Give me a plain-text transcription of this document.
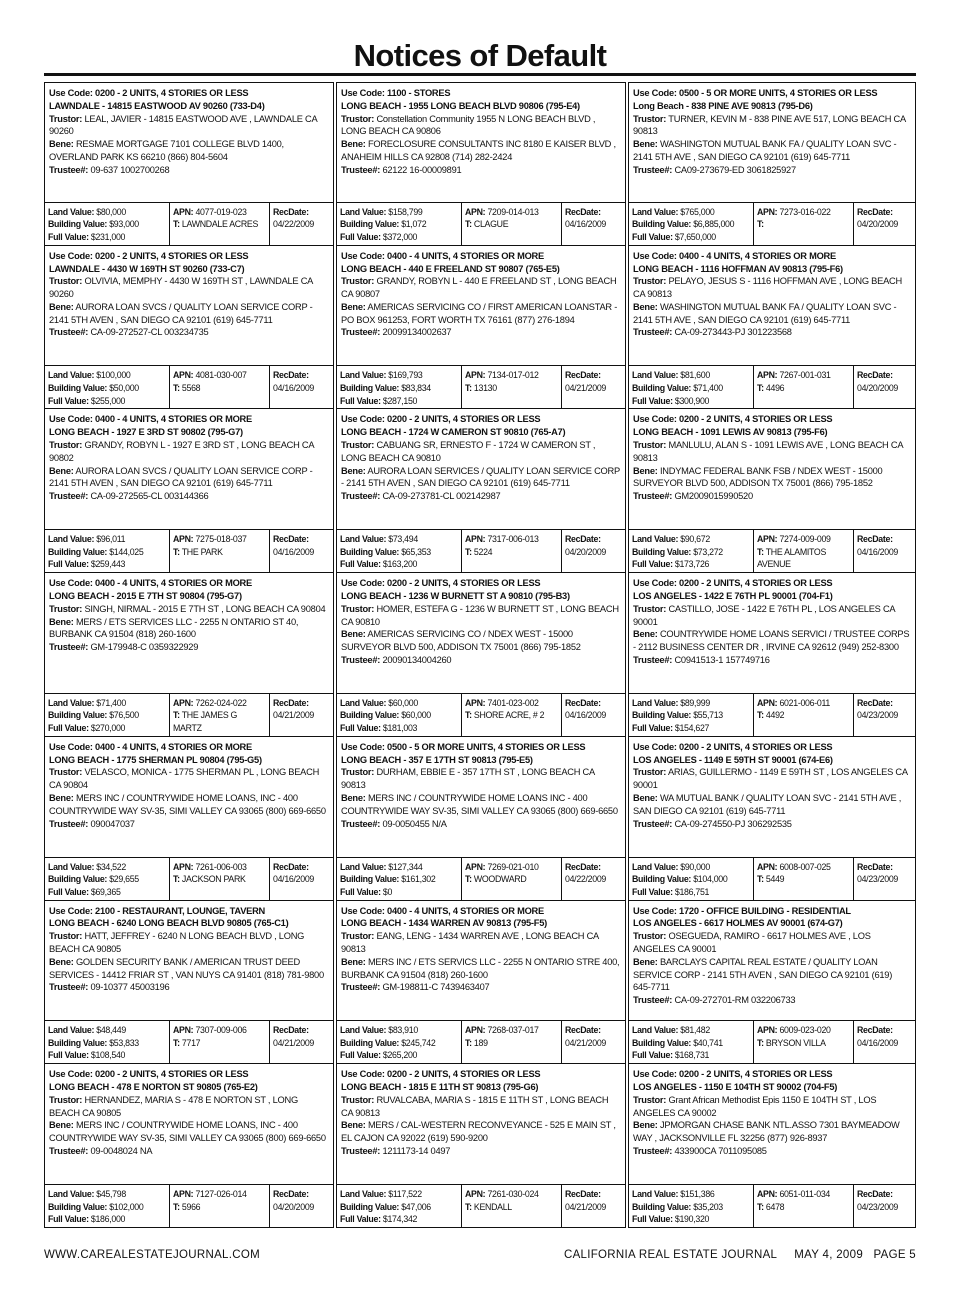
Notices of Default
Use Code: 0200 - 2 UNITS, 4 STORIES OR LESS
LAWNDALE - 14815 EASTWOOD AV 90260 (733-D4)
Trustor: LEAL, JAVIER - 14815 EASTWOOD AVE , LAWNDALE CA 90260
Bene: RESMAE MORTGAGE 7101 COLLEGE BLVD 1400, OVERLAND PARK KS 66210 (866) 804-5604
Trustee#: 09-637 1002700268
Land Value: $80,000
Building Value: $93,000
Full Value: $231,000
APN: 4077-019-023
T: LAWNDALE ACRES
RecDate:
04/22/2009
Use Code: 0200 - 2 UNITS, 4 STORIES OR LESS
LAWNDALE - 4430 W 169TH ST 90260 (733-C7)
Trustor: OLVIVIA, MEMPHY - 4430 W 169TH ST , LAWNDALE CA 90260
Bene: AURORA LOAN SVCS / QUALITY LOAN SERVICE CORP - 2141 5TH AVEN , SAN DIEGO CA 92101 (619) 645-7711
Trustee#: CA-09-272527-CL 003234735
Land Value: $100,000
Building Value: $50,000
Full Value: $255,000
APN: 4081-030-007
T: 5568
RecDate:
04/16/2009
Use Code: 0400 - 4 UNITS, 4 STORIES OR MORE
LONG BEACH - 1927 E 3RD ST 90802 (795-G7)
Trustor: GRANDY, ROBYN L - 1927 E 3RD ST , LONG BEACH CA 90802
Bene: AURORA LOAN SVCS / QUALITY LOAN SERVICE CORP - 2141 5TH AVEN , SAN DIEGO CA 92101 (619) 645-7711
Trustee#: CA-09-272565-CL 003144366
Land Value: $96,011
Building Value: $144,025
Full Value: $259,443
APN: 7275-018-037
T: THE PARK
RecDate:
04/16/2009
Use Code: 0400 - 4 UNITS, 4 STORIES OR MORE
LONG BEACH - 2015 E 7TH ST 90804 (795-G7)
Trustor: SINGH, NIRMAL - 2015 E 7TH ST , LONG BEACH CA 90804
Bene: MERS / ETS SERVICES LLC - 2255 N ONTARIO ST 40, BURBANK CA 91504 (818) 260-1600
Trustee#: GM-179948-C 0359322929
Land Value: $71,400
Building Value: $76,500
Full Value: $270,000
APN: 7262-024-022
T: THE JAMES G MARTZ
RecDate:
04/21/2009
Use Code: 0400 - 4 UNITS, 4 STORIES OR MORE
LONG BEACH - 1775 SHERMAN PL 90804 (795-G5)
Trustor: VELASCO, MONICA - 1775 SHERMAN PL , LONG BEACH CA 90804
Bene: MERS INC / COUNTRYWIDE HOME LOANS, INC - 400 COUNTRYWIDE WAY SV-35, SIMI VALLEY CA 93065 (800) 669-6650
Trustee#: 090047037
Land Value: $34,522
Building Value: $29,655
Full Value: $69,365
APN: 7261-006-003
T: JACKSON PARK
RecDate:
04/16/2009
Use Code: 2100 - RESTAURANT, LOUNGE, TAVERN
LONG BEACH - 6240 LONG BEACH BLVD 90805 (765-C1)
Trustor: HATT, JEFFREY - 6240 N LONG BEACH BLVD , LONG BEACH CA 90805
Bene: GOLDEN SECURITY BANK / AMERICAN TRUST DEED SERVICES - 14412 FRIAR ST , VAN NUYS CA 91401 (818) 781-9800
Trustee#: 09-10377 45003196
Land Value: $48,449
Building Value: $53,833
Full Value: $108,540
APN: 7307-009-006
T: 7717
RecDate:
04/21/2009
Use Code: 0200 - 2 UNITS, 4 STORIES OR LESS
LONG BEACH - 478 E NORTON ST 90805 (765-E2)
Trustor: HERNANDEZ, MARIA S - 478 E NORTON ST , LONG BEACH CA 90805
Bene: MERS INC / COUNTRYWIDE HOME LOANS, INC - 400 COUNTRYWIDE WAY SV-35, SIMI VALLEY CA 93065 (800) 669-6650
Trustee#: 09-0048024 NA
Land Value: $45,798
Building Value: $102,000
Full Value: $186,000
APN: 7127-026-014
T: 5966
RecDate:
04/20/2009
Use Code: 1100 - STORES
LONG BEACH - 1955 LONG BEACH BLVD 90806 (795-E4)
Trustor: Constellation Community 1955 N LONG BEACH BLVD , LONG BEACH CA 90806
Bene: FORECLOSURE CONSULTANTS INC 8180 E KAISER BLVD , ANAHEIM HILLS CA 92808 (714) 282-2424
Trustee#: 62122 16-00009891
Land Value: $158,799
Building Value: $1,072
Full Value: $372,000
APN: 7209-014-013
T: CLAGUE
RecDate:
04/16/2009
Use Code: 0400 - 4 UNITS, 4 STORIES OR MORE
LONG BEACH - 440 E FREELAND ST 90807 (765-E5)
Trustor: GRANDY, ROBYN L - 440 E FREELAND ST , LONG BEACH CA 90807
Bene: AMERICAS SERVICING CO / FIRST AMERICAN LOANSTAR - PO BOX 961253, FORT WORTH TX 76161 (877) 276-1894
Trustee#: 20099134002637
Land Value: $169,793
Building Value: $83,834
Full Value: $287,150
APN: 7134-017-012
T: 13130
RecDate:
04/21/2009
Use Code: 0200 - 2 UNITS, 4 STORIES OR LESS
LONG BEACH - 1724 W CAMERON ST 90810 (765-A7)
Trustor: CABUANG SR, ERNESTO F - 1724 W CAMERON ST , LONG BEACH CA 90810
Bene: AURORA LOAN SERVICES / QUALITY LOAN SERVICE CORP - 2141 5TH AVEN , SAN DIEGO CA 92101 (619) 645-7711
Trustee#: CA-09-273781-CL 002142987
Land Value: $73,494
Building Value: $65,353
Full Value: $163,200
APN: 7317-006-013
T: 5224
RecDate:
04/20/2009
Use Code: 0200 - 2 UNITS, 4 STORIES OR LESS
LONG BEACH - 1236 W BURNETT ST A 90810 (795-B3)
Trustor: HOMER, ESTEFA G - 1236 W BURNETT ST , LONG BEACH CA 90810
Bene: AMERICAS SERVICING CO / NDEX WEST - 15000 SURVEYOR BLVD 500, ADDISON TX 75001 (866) 795-1852
Trustee#: 20090134004260
Land Value: $60,000
Building Value: $60,000
Full Value: $181,003
APN: 7401-023-002
T: SHORE ACRE, # 2
RecDate:
04/16/2009
Use Code: 0500 - 5 OR MORE UNITS, 4 STORIES OR LESS
LONG BEACH - 357 E 17TH ST 90813 (795-E5)
Trustor: DURHAM, EBBIE E - 357 17TH ST , LONG BEACH CA 90813
Bene: MERS INC / COUNTRYWIDE HOME LOANS INC - 400 COUNTRYWIDE WAY SV-35, SIMI VALLEY CA 93065 (800) 669-6650
Trustee#: 09-0050455 N/A
Land Value: $127,344
Building Value: $161,302
Full Value: $0
APN: 7269-021-010
T: WOODWARD
RecDate:
04/22/2009
Use Code: 0400 - 4 UNITS, 4 STORIES OR MORE
LONG BEACH - 1434 WARREN AV 90813 (795-F5)
Trustor: EANG, LENG - 1434 WARREN AVE , LONG BEACH CA 90813
Bene: MERS INC / ETS SERVICS LLC - 2255 N ONTARIO STRE 400, BURBANK CA 91504 (818) 260-1600
Trustee#: GM-198811-C 7439463407
Land Value: $83,910
Building Value: $245,742
Full Value: $265,200
APN: 7268-037-017
T: 189
RecDate:
04/21/2009
Use Code: 0200 - 2 UNITS, 4 STORIES OR LESS
LONG BEACH - 1815 E 11TH ST 90813 (795-G6)
Trustor: RUVALCABA, MARIA S - 1815 E 11TH ST , LONG BEACH CA 90813
Bene: MERS / CAL-WESTERN RECONVEYANCE - 525 E MAIN ST , EL CAJON CA 92022 (619) 590-9200
Trustee#: 1211173-14 0497
Land Value: $117,522
Building Value: $47,006
Full Value: $174,342
APN: 7261-030-024
T: KENDALL
RecDate:
04/21/2009
Use Code: 0500 - 5 OR MORE UNITS, 4 STORIES OR LESS
Long Beach - 838 PINE AVE 90813 (795-D6)
Trustor: TURNER, KEVIN M - 838 PINE AVE 517, LONG BEACH CA 90813
Bene: WASHINGTON MUTUAL BANK FA / QUALITY LOAN SVC - 2141 5TH AVE , SAN DIEGO CA 92101 (619) 645-7711
Trustee#: CA09-273679-ED 3061825927
Land Value: $765,000
Building Value: $6,885,000
Full Value: $7,650,000
APN: 7273-016-022
T:
RecDate:
04/20/2009
Use Code: 0400 - 4 UNITS, 4 STORIES OR MORE
LONG BEACH - 1116 HOFFMAN AV 90813 (795-F6)
Trustor: PELAYO, JESUS S - 1116 HOFFMAN AVE , LONG BEACH CA 90813
Bene: WASHINGTON MUTUAL BANK FA / QUALITY LOAN SVC - 2141 5TH AVE , SAN DIEGO CA 92101 (619) 645-7711
Trustee#: CA-09-273443-PJ 301223568
Land Value: $81,600
Building Value: $71,400
Full Value: $300,900
APN: 7267-001-031
T: 4496
RecDate:
04/20/2009
Use Code: 0200 - 2 UNITS, 4 STORIES OR LESS
LONG BEACH - 1091 LEWIS AV 90813 (795-F6)
Trustor: MANLULU, ALAN S - 1091 LEWIS AVE , LONG BEACH CA 90813
Bene: INDYMAC FEDERAL BANK FSB / NDEX WEST - 15000 SURVEYOR BLVD 500, ADDISON TX 75001 (866) 795-1852
Trustee#: GM2009015990520
Land Value: $90,672
Building Value: $73,272
Full Value: $173,726
APN: 7274-009-009
T: THE ALAMITOS AVENUE
RecDate:
04/16/2009
Use Code: 0200 - 2 UNITS, 4 STORIES OR LESS
LOS ANGELES - 1422 E 76TH PL 90001 (704-F1)
Trustor: CASTILLO, JOSE - 1422 E 76TH PL , LOS ANGELES CA 90001
Bene: COUNTRYWIDE HOME LOANS SERVICI / TRUSTEE CORPS - 2112 BUSINESS CENTER DR , IRVINE CA 92612 (949) 252-8300
Trustee#: C0941513-1 157749716
Land Value: $89,999
Building Value: $55,713
Full Value: $154,627
APN: 6021-006-011
T: 4492
RecDate:
04/23/2009
Use Code: 0200 - 2 UNITS, 4 STORIES OR LESS
LOS ANGELES - 1149 E 59TH ST 90001 (674-E6)
Trustor: ARIAS, GUILLERMO - 1149 E 59TH ST , LOS ANGELES CA 90001
Bene: WA MUTUAL BANK / QUALITY LOAN SVC - 2141 5TH AVE , SAN DIEGO CA 92101 (619) 645-7711
Trustee#: CA-09-274550-PJ 306292535
Land Value: $90,000
Building Value: $104,000
Full Value: $186,751
APN: 6008-007-025
T: 5449
RecDate:
04/23/2009
Use Code: 1720 - OFFICE BUILDING - RESIDENTIAL
LOS ANGELES - 6617 HOLMES AV 90001 (674-G7)
Trustor: OSEGUEDA, RAMIRO - 6617 HOLMES AVE , LOS ANGELES CA 90001
Bene: BARCLAYS CAPITAL REAL ESTATE / QUALITY LOAN SERVICE CORP - 2141 5TH AVEN , SAN DIEGO CA 92101 (619) 645-7711
Trustee#: CA-09-272701-RM 032206733
Land Value: $81,482
Building Value: $40,741
Full Value: $168,731
APN: 6009-023-020
T: BRYSON VILLA
RecDate:
04/16/2009
Use Code: 0200 - 2 UNITS, 4 STORIES OR LESS
LOS ANGELES - 1150 E 104TH ST 90002 (704-F5)
Trustor: Grant African Methodist Epis 1150 E 104TH ST , LOS ANGELES CA 90002
Bene: JPMORGAN CHASE BANK NTL.ASSO 7301 BAYMEADOW WAY , JACKSONVILLE FL 32256 (877) 926-8937
Trustee#: 433900CA 7011095085
Land Value: $151,386
Building Value: $35,203
Full Value: $190,320
APN: 6051-011-034
T: 6478
RecDate:
04/23/2009
WWW.CAREALESTATEJOURNAL.COM	CALIFORNIA REAL ESTATE JOURNAL     MAY 4, 2009   PAGE 5
